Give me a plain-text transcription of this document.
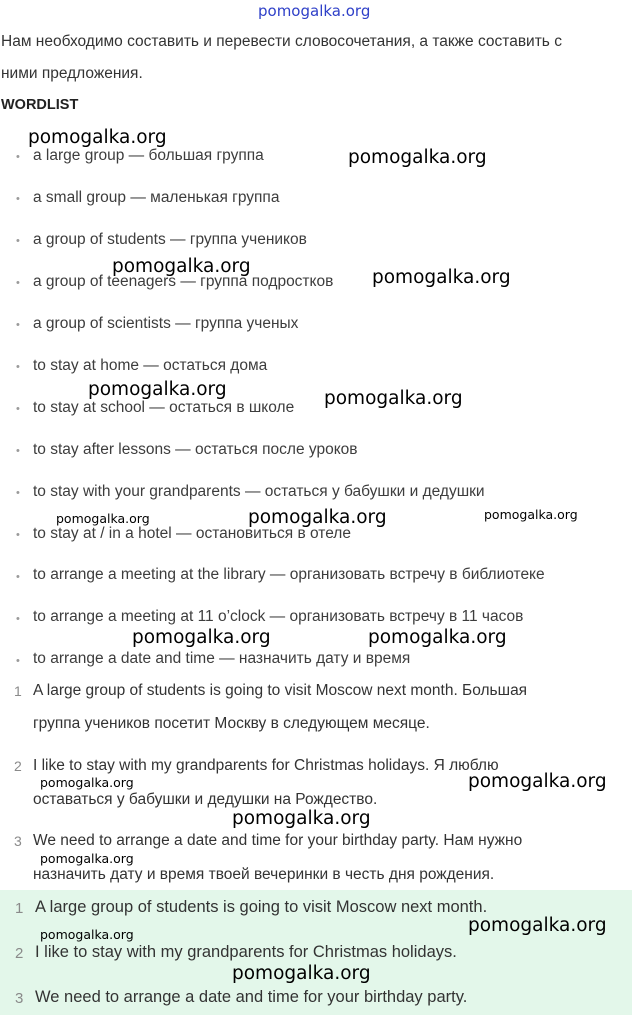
pomogalka.org
Нам необходимо составить и перевести словосочетания, а также составить с
ними предложения.
WORDLIST
• a large group — большая группа
• a small group — маленькая группа
• a group of students — группа учеников
• a group of teenagers — группа подростков
• a group of scientists — группа ученых
• to stay at home — остаться дома
• to stay at school — остаться в школе
• to stay after lessons — остаться после уроков
• to stay with your grandparents — остаться у бабушки и дедушки
• to stay at / in a hotel — остановиться в отеле
• to arrange a meeting at the library — организовать встречу в библиотеке
• to arrange a meeting at 11 o’clock — организовать встречу в 11 часов
• to arrange a date and time — назначить дату и время
1 A large group of students is going to visit Moscow next month. Большая
группа учеников посетит Москву в следующем месяце.
2 I like to stay with my grandparents for Christmas holidays. Я люблю
оставаться у бабушки и дедушки на Рождество.
3 We need to arrange a date and time for your birthday party. Нам нужно
назначить дату и время твоей вечеринки в честь дня рождения.
1 A large group of students is going to visit Moscow next month.
2 I like to stay with my grandparents for Christmas holidays.
3 We need to arrange a date and time for your birthday party.
pomogalka.org
pomogalka.org
pomogalka.org
pomogalka.org
pomogalka.org	pomogalka.org
pomogalka.org	pomogalka.org	pomogalka.org
pomogalka.org	pomogalka.org
pomogalka.org	pomogalka.org
pomogalka.org
pomogalka.org
pomogalka.org	pomogalka.org
pomogalka.org
